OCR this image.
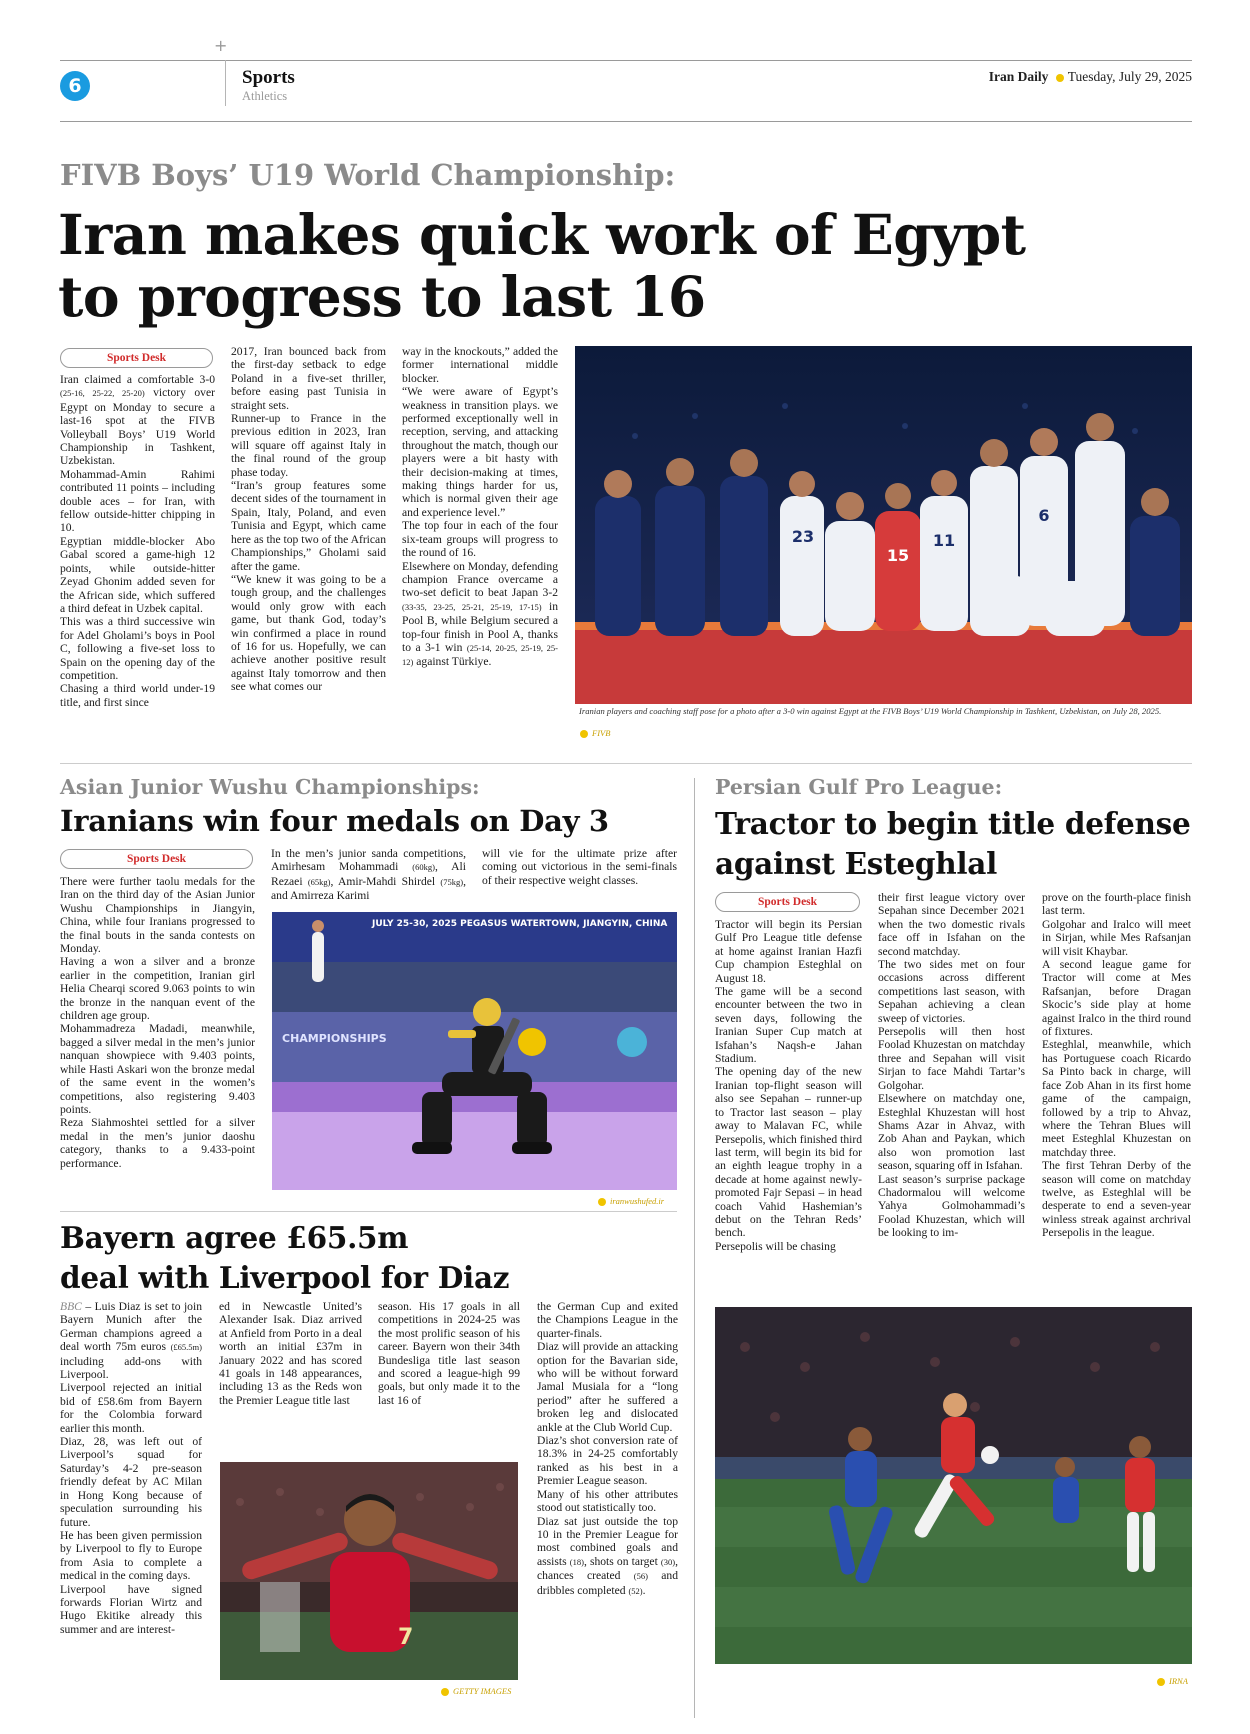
+
6	Sports
Athletics
Iran Daily Tuesday, July 29, 2025
FIVB Boys’ U19 World Championship:
Iran makes quick work of Egypt
to progress to last 16
Sports Desk

Iran claimed a comfortable 3-0 (25-16, 25-22, 25-20) victory over Egypt on Monday to secure a last-16 spot at the FIVB Volleyball Boys’ U19 World Championship in Tashkent, Uzbekistan.

Mohammad-Amin Rahimi contributed 11 points – including double aces – for Iran, with fellow outside-hitter chipping in 10.

Egyptian middle-blocker Abo Gabal scored a game-high 12 points, while outside-hitter Zeyad Ghonim added seven for the African side, which suffered a third defeat in Uzbek capital.

This was a third successive win for Adel Gholami’s boys in Pool C, following a five-set loss to Spain on the opening day of the competition.

Chasing a third world under-19 title, and first since

2017, Iran bounced back from the first-day setback to edge Poland in a five-set thriller, before easing past Tunisia in straight sets.

Runner-up to France in the previous edition in 2023, Iran will square off against Italy in the final round of the group phase today.

“Iran’s group features some decent sides of the tournament in Spain, Italy, Poland, and even Tunisia and Egypt, which came here as the top two of the African Championships,” Gholami said after the game.

“We knew it was going to be a tough group, and the challenges would only grow with each game, but thank God, today’s win confirmed a place in round of 16 for us. Hopefully, we can achieve another positive result against Italy tomorrow and then see what comes our

way in the knockouts,” added the former international middle blocker.

“We were aware of Egypt’s weakness in transition plays. we performed exceptionally well in reception, serving, and attacking throughout the match, though our players were a bit hasty with their decision-making at times, making things harder for us, which is normal given their age and experience level.”

The top four in each of the four six-team groups will progress to the round of 16.

Elsewhere on Monday, defending champion France overcame a two-set deficit to beat Japan 3-2 (33-35, 23-25, 25-21, 25-19, 17-15) in Pool B, while Belgium secured a top-four finish in Pool A, thanks to a 3-1 win (25-14, 20-25, 25-19, 25-12) against Türkiye.

23
15
11
6
Iranian players and coaching staff pose for a photo after a 3-0 win against Egypt at the FIVB Boys’ U19 World Championship in Tashkent, Uzbekistan, on July 28, 2025.
FIVB
Asian Junior Wushu Championships:
Iranians win four medals on Day 3
Sports Desk

There were further taolu medals for the Iran on the third day of the Asian Junior Wushu Championships in Jiangyin, China, while four Iranians progressed to the final bouts in the sanda contests on Monday.

Having a won a silver and a bronze earlier in the competition, Iranian girl Helia Chearqi scored 9.063 points to win the bronze in the nanquan event of the children age group.

Mohammadreza Madadi, meanwhile, bagged a silver medal in the men’s junior nanquan showpiece with 9.403 points, while Hasti Askari won the bronze medal of the same event in the women’s competitions, also registering 9.403 points.

Reza Siahmoshtei settled for a silver medal in the men’s junior daoshu category, thanks to a 9.433-point performance.

In the men’s junior sanda competitions, Amirhesam Mohammadi (60kg), Ali Rezaei (65kg), Amir-Mahdi Shirdel (75kg), and Amirreza Karimi

will vie for the ultimate prize after coming out victorious in the semi-finals of their respective weight classes.

JULY 25-30, 2025 PEGASUS WATERTOWN, JIANGYIN, CHINA
CHAMPIONSHIPS
iranwushufed.ir
Bayern agree £65.5m
deal with Liverpool for Diaz

BBC – Luis Diaz is set to join Bayern Munich after the German champions agreed a deal worth 75m euros (£65.5m) including add-ons with Liverpool.

Liverpool rejected an initial bid of £58.6m from Bayern for the Colombia forward earlier this month.

Diaz, 28, was left out of Liverpool’s squad for Saturday’s 4-2 pre-season friendly defeat by AC Milan in Hong Kong because of speculation surrounding his future.

He has been given permission by Liverpool to fly to Europe from Asia to complete a medical in the coming days.

Liverpool have signed forwards Florian Wirtz and Hugo Ekitike already this summer and are interest-

ed in Newcastle United’s Alexander Isak. Diaz arrived at Anfield from Porto in a deal worth an initial £37m in January 2022 and has scored 41 goals in 148 appearances, including 13 as the Reds won the Premier League title last

season. His 17 goals in all competitions in 2024-25 was the most prolific season of his career. Bayern won their 34th Bundesliga title last season and scored a league-high 99 goals, but only made it to the last 16 of

the German Cup and exited the Champions League in the quarter-finals.

Diaz will provide an attacking option for the Bavarian side, who will be without forward Jamal Musiala for a “long period” after he suffered a broken leg and dislocated ankle at the Club World Cup.

Diaz’s shot conversion rate of 18.3% in 24-25 comfortably ranked as his best in a Premier League season.

Many of his other attributes stood out statistically too.

Diaz sat just outside the top 10 in the Premier League for most combined goals and assists (18), shots on target (30), chances created (56) and dribbles completed (52).

7
GETTY IMAGES
Persian Gulf Pro League:
Tractor to begin title defense
against Esteghlal
Sports Desk

Tractor will begin its Persian Gulf Pro League title defense at home against Iranian Hazfi Cup champion Esteghlal on August 18.

The game will be a second encounter between the two in seven days, following the Iranian Super Cup match at Isfahan’s Naqsh-e Jahan Stadium.

The opening day of the new Iranian top-flight season will also see Sepahan – runner-up to Tractor last season – play away to Malavan FC, while Persepolis, which finished third last term, will begin its bid for an eighth league trophy in a decade at home against newly-promoted Fajr Sepasi – in head coach Vahid Hashemian’s debut on the Tehran Reds’ bench.

Persepolis will be chasing

their first league victory over Sepahan since December 2021 when the two domestic rivals face off in Isfahan on the second matchday.

The two sides met on four occasions across different competitions last season, with Sepahan achieving a clean sweep of victories.

Persepolis will then host Foolad Khuzestan on matchday three and Sepahan will visit Sirjan to face Mahdi Tartar’s Golgohar.

Elsewhere on matchday one, Esteghlal Khuzestan will host Shams Azar in Ahvaz, with Zob Ahan and Paykan, which also won promotion last season, squaring off in Isfahan.

Last season’s surprise package Chadormalou will welcome Yahya Golmohammadi’s Foolad Khuzestan, which will be looking to im-

prove on the fourth-place finish last term.

Golgohar and Iralco will meet in Sirjan, while Mes Rafsanjan will visit Khaybar.

A second league game for Tractor will come at Mes Rafsanjan, before Dragan Skocic’s side play at home against Iralco in the third round of fixtures.

Esteghlal, meanwhile, which has Portuguese coach Ricardo Sa Pinto back in charge, will face Zob Ahan in its first home game of the campaign, followed by a trip to Ahvaz, where the Tehran Blues will meet Esteghlal Khuzestan on matchday three.

The first Tehran Derby of the season will come on matchday twelve, as Esteghlal will be desperate to end a seven-year winless streak against archrival Persepolis in the league.

IRNA
